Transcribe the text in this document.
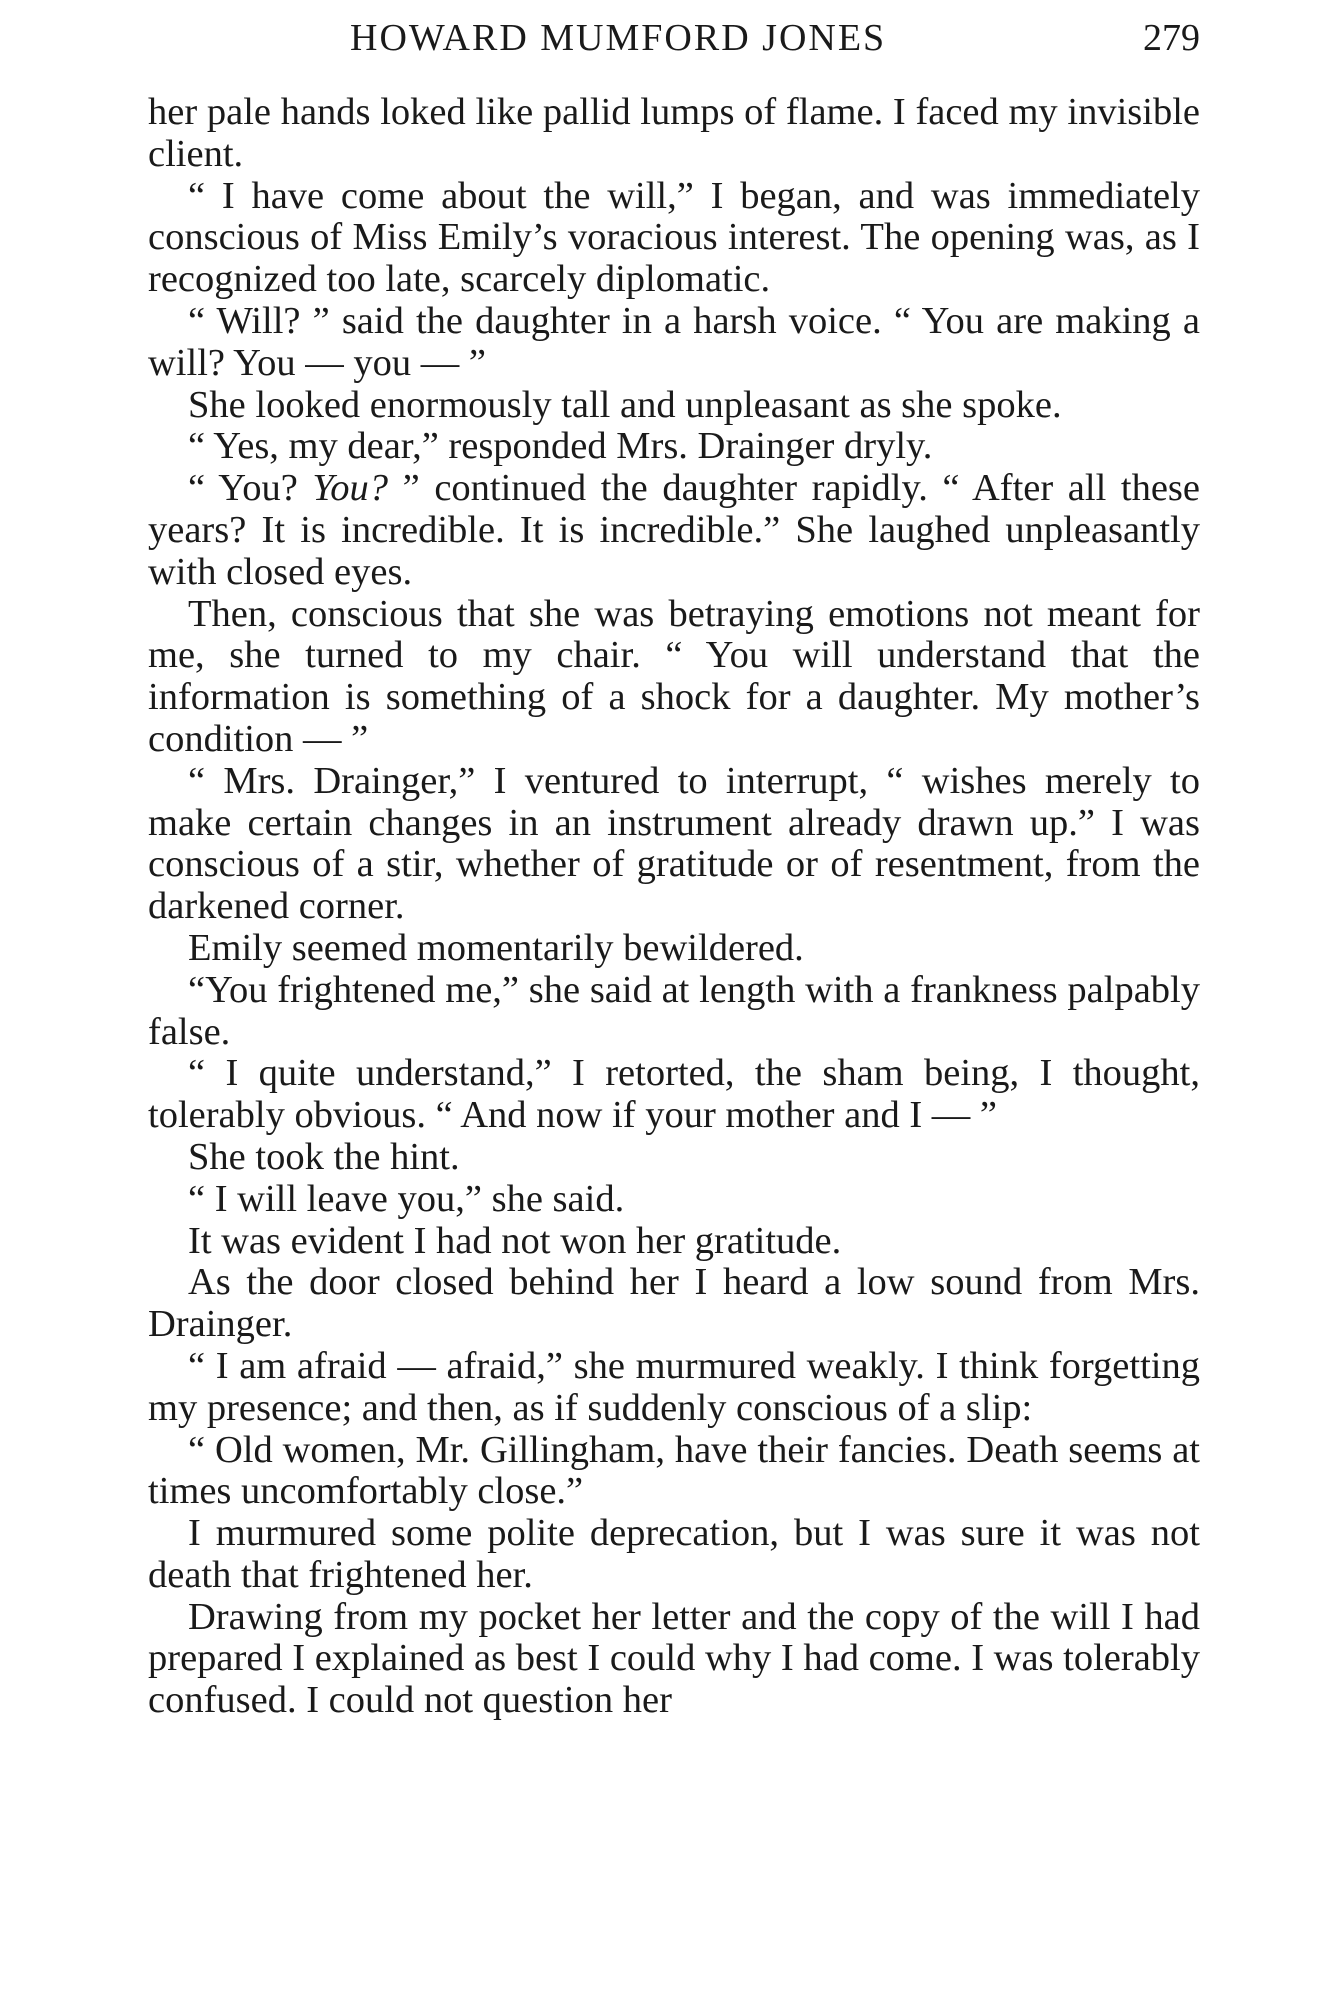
HOWARD MUMFORD JONES	279

her pale hands loked like pallid lumps of flame. I faced my invisible client.

“ I have come about the will,” I began, and was immediately conscious of Miss Emily’s voracious interest. The opening was, as I recognized too late, scarcely diplomatic.

“ Will? ” said the daughter in a harsh voice. “ You are making a will? You — you — ”

She looked enormously tall and unpleasant as she spoke.

“ Yes, my dear,” responded Mrs. Drainger dryly.

“ You? You? ” continued the daughter rapidly. “ After all these years? It is incredible. It is incredible.” She laughed unpleasantly with closed eyes.

Then, conscious that she was betraying emotions not meant for me, she turned to my chair. “ You will understand that the information is something of a shock for a daughter. My mother’s condition — ”

“ Mrs. Drainger,” I ventured to interrupt, “ wishes merely to make certain changes in an instrument already drawn up.” I was conscious of a stir, whether of gratitude or of resentment, from the darkened corner.

Emily seemed momentarily bewildered.

“You frightened me,” she said at length with a frankness palpably false.

“ I quite understand,” I retorted, the sham being, I thought, tolerably obvious. “ And now if your mother and I — ”

She took the hint.

“ I will leave you,” she said.

It was evident I had not won her gratitude.

As the door closed behind her I heard a low sound from Mrs. Drainger.

“ I am afraid — afraid,” she murmured weakly. I think forgetting my presence; and then, as if suddenly conscious of a slip:

“ Old women, Mr. Gillingham, have their fancies. Death seems at times uncomfortably close.”

I murmured some polite deprecation, but I was sure it was not death that frightened her.

Drawing from my pocket her letter and the copy of the will I had prepared I explained as best I could why I had come. I was tolerably confused. I could not question her
